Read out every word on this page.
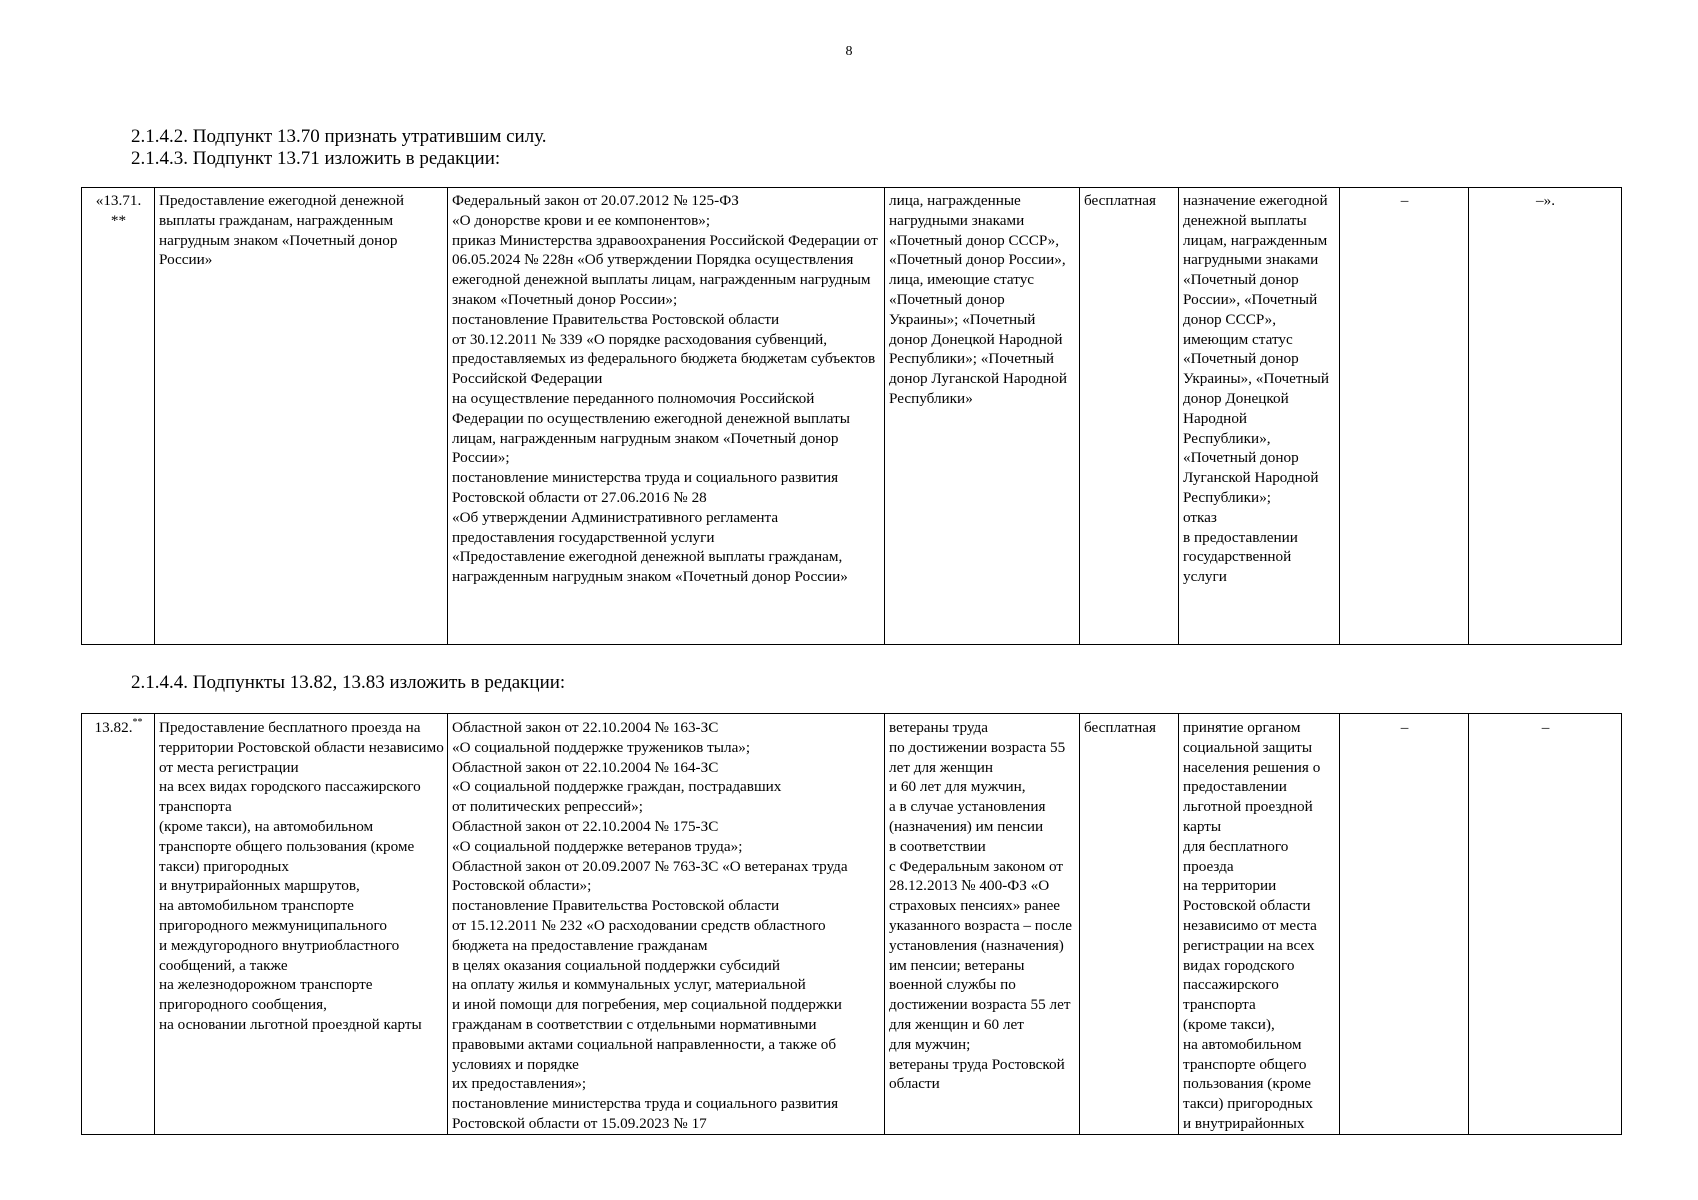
8
2.1.4.2. Подпункт 13.70 признать утратившим силу.
2.1.4.3. Подпункт 13.71 изложить в редакции:
«13.71.
**	Предоставление ежегодной денежной выплаты гражданам, награжденным нагрудным знаком «Почетный донор России»	Федеральный закон от 20.07.2012 № 125-ФЗ
«О донорстве крови и ее компонентов»;
приказ Министерства здравоохранения Российской Федерации от 06.05.2024 № 228н «Об утверждении Порядка осуществления ежегодной денежной выплаты лицам, награжденным нагрудным знаком «Почетный донор России»;
постановление Правительства Ростовской области
от 30.12.2011 № 339 «О порядке расходования субвенций, предоставляемых из федерального бюджета бюджетам субъектов Российской Федерации
на осуществление переданного полномочия Российской Федерации по осуществлению ежегодной денежной выплаты лицам, награжденным нагрудным знаком «Почетный донор России»;
постановление министерства труда и социального развития Ростовской области от 27.06.2016 № 28
«Об утверждении Административного регламента предоставления государственной услуги
«Предоставление ежегодной денежной выплаты гражданам, награжденным нагрудным знаком «Почетный донор России»	лица, награжденные нагрудными знаками «Почетный донор СССР», «Почетный донор России»,
лица, имеющие статус «Почетный донор Украины»; «Почетный донор Донецкой Народной Республики»; «Почетный донор Луганской Народной Республики»	бесплатная	назначение ежегодной денежной выплаты лицам, награжденным нагрудными знаками «Почетный донор России», «Почетный донор СССР», имеющим статус «Почетный донор Украины», «Почетный донор Донецкой Народной Республики», «Почетный донор Луганской Народной Республики»;
отказ
в предоставлении государственной услуги	–	–».
2.1.4.4. Подпункты 13.82, 13.83 изложить в редакции:
13.82.**	Предоставление бесплатного проезда на территории Ростовской области независимо от места регистрации
на всех видах городского пассажирского транспорта
(кроме такси), на автомобильном транспорте общего пользования (кроме такси) пригородных
и внутрирайонных маршрутов,
на автомобильном транспорте пригородного межмуниципального
и междугородного внутриобластного сообщений, а также
на железнодорожном транспорте пригородного сообщения,
на основании льготной проездной карты	Областной закон от 22.10.2004 № 163-ЗС
«О социальной поддержке тружеников тыла»;
Областной закон от 22.10.2004 № 164-ЗС
«О социальной поддержке граждан, пострадавших
от политических репрессий»;
Областной закон от 22.10.2004 № 175-ЗС
«О социальной поддержке ветеранов труда»;
Областной закон от 20.09.2007 № 763-ЗС «О ветеранах труда Ростовской области»;
постановление Правительства Ростовской области
от 15.12.2011 № 232 «О расходовании средств областного бюджета на предоставление гражданам
в целях оказания социальной поддержки субсидий
на оплату жилья и коммунальных услуг, материальной
и иной помощи для погребения, мер социальной поддержки гражданам в соответствии с отдельными нормативными правовыми актами социальной направленности, а также об условиях и порядке
их предоставления»;
постановление министерства труда и социального развития Ростовской области от 15.09.2023 № 17	ветераны труда
по достижении возраста 55 лет для женщин
и 60 лет для мужчин,
а в случае установления (назначения) им пенсии
в соответствии
с Федеральным законом от 28.12.2013 № 400-ФЗ «О страховых пенсиях» ранее указанного возраста – после установления (назначения) им пенсии; ветераны военной службы по достижении возраста 55 лет
для женщин и 60 лет
для мужчин;
ветераны труда Ростовской области	бесплатная	принятие органом социальной защиты населения решения о предоставлении льготной проездной карты
для бесплатного проезда
на территории Ростовской области независимо от места регистрации на всех видах городского пассажирского транспорта
(кроме такси),
на автомобильном транспорте общего пользования (кроме такси) пригородных
и внутрирайонных	–	–
